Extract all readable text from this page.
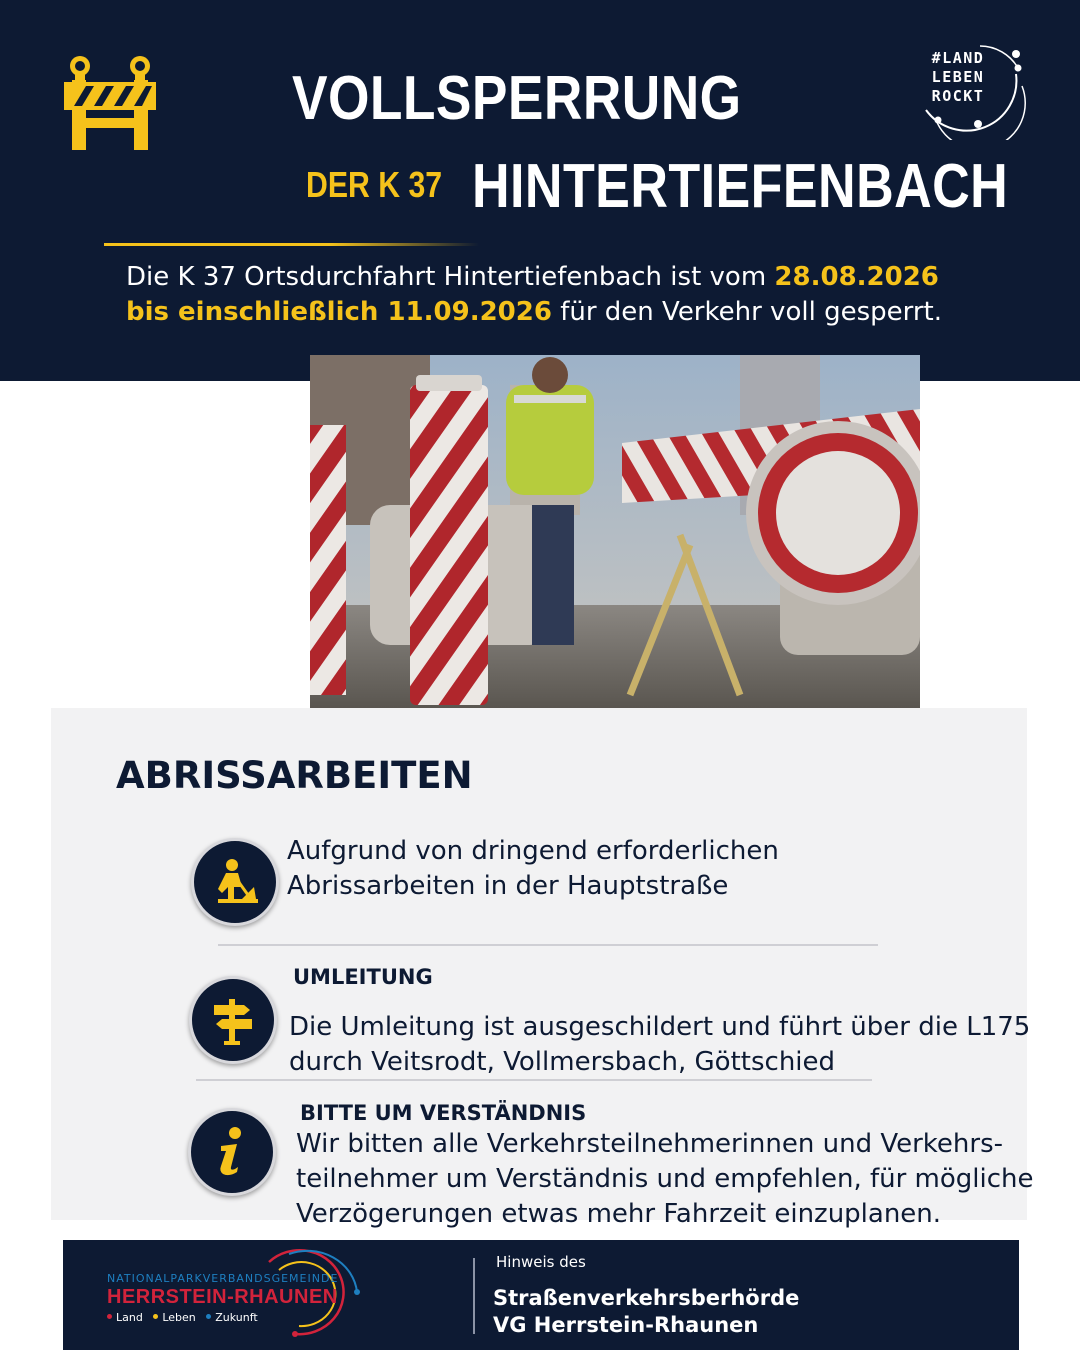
VOLLSPERRUNG
DER K 37 HINTERTIEFENBACH
#LAND
LEBEN
ROCKT
Die K 37 Ortsdurchfahrt Hintertiefenbach ist vom 28.08.2026
bis einschließlich 11.09.2026 für den Verkehr voll gesperrt.
ABRISSARBEITEN
Aufgrund von dringend erforderlichen
Abrissarbeiten in der Hauptstraße
UMLEITUNG
Die Umleitung ist ausgeschildert und führt über die L175
durch Veitsrodt, Vollmersbach, Göttschied
BITTE UM VERSTÄNDNIS
Wir bitten alle Verkehrsteilnehmerinnen und Verkehrs-
teilnehmer um Verständnis und empfehlen, für mögliche
Verzögerungen etwas mehr Fahrzeit einzuplanen.
NATIONALPARKVERBANDSGEMEINDE
HERRSTEIN-RHAUNEN
Land Leben Zukunft
Hinweis des
Straßenverkehrsberhörde
VG Herrstein-Rhaunen
